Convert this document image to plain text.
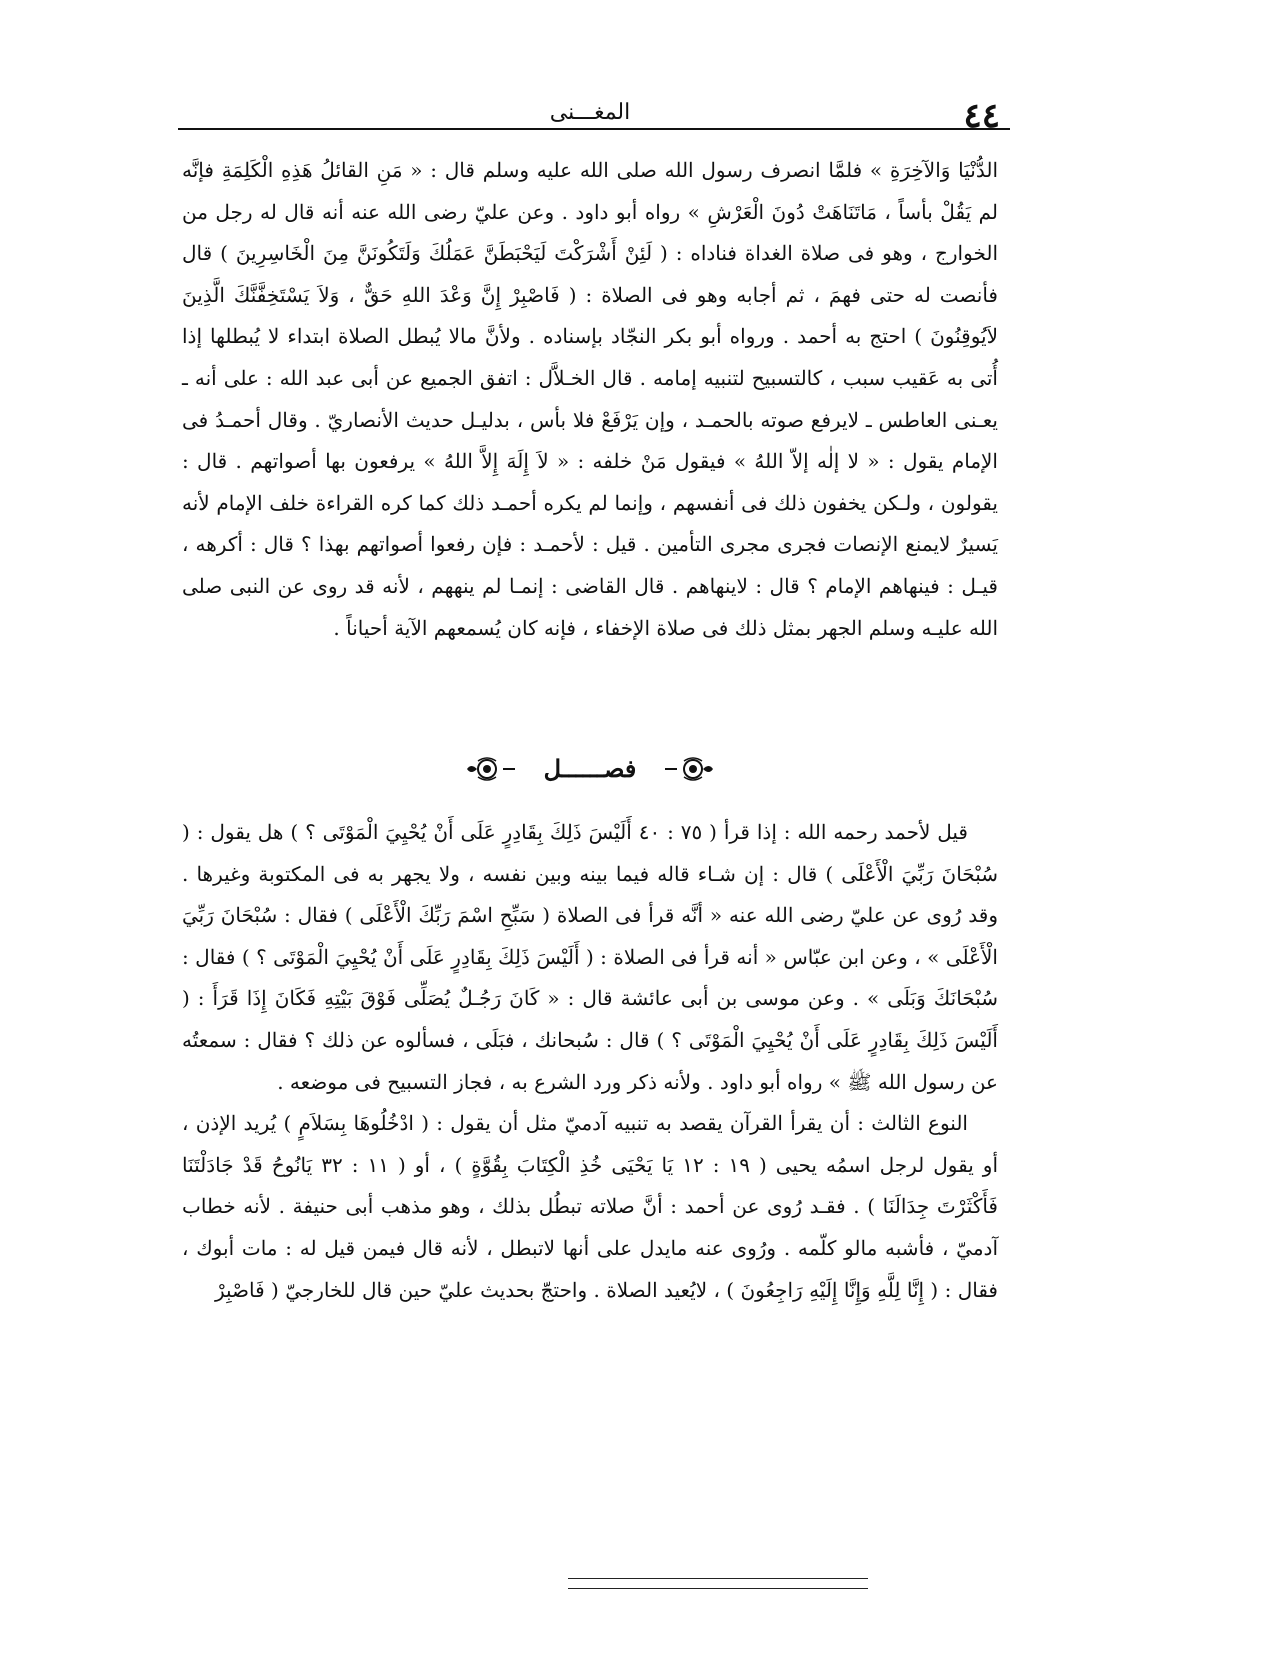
٤٤
المغـــنى

الدُّنْيَا وَالآخِرَةِ » فلمَّا انصرف رسول الله صلى الله عليه وسلم قال : « مَنِ القائلُ هَذِهِ الْكَلِمَةِ فإنَّه لم يَقُلْ بأساً ، مَاتَنَاهَتْ دُونَ الْعَرْشِ » رواه أبو داود . وعن عليّ رضى الله عنه أنه قال له رجل من الخوارج ، وهو فى صلاة الغداة فناداه : ( لَئِنْ أَشْرَكْتَ لَيَحْبَطَنَّ عَمَلُكَ وَلَتَكُونَنَّ مِنَ الْخَاسِرِينَ ) قال فأنصت له حتى فهمَ ، ثم أجابه وهو فى الصلاة : ( فَاصْبِرْ إِنَّ وَعْدَ اللهِ حَقٌّ ، وَلاَ يَسْتَخِفَّنَّكَ الَّذِينَ لاَيُوقِنُونَ ) احتج به أحمد . ورواه أبو بكر النجّاد بإسناده . ولأنَّ مالا يُبطل الصلاة ابتداء لا يُبطلها إذا أُتى به عَقيب سبب ، كالتسبيح لتنبيه إمامه . قال الخـلاَّل : اتفق الجميع عن أبى عبد الله : على أنه ـ يعـنى العاطس ـ لايرفع صوته بالحمـد ، وإن يَرْفَعْ فلا بأس ، بدليـل حديث الأنصاريّ . وقال أحمـدُ فى الإمام يقول : « لا إلٰه إلاّ اللهُ » فيقول مَنْ خلفه : « لاَ إِلَهَ إِلاَّ اللهُ » يرفعون بها أصواتهم . قال : يقولون ، ولـكن يخفون ذلك فى أنفسهم ، وإنما لم يكره أحمـد ذلك كما كره القراءة خلف الإمام لأنه يَسيرٌ لايمنع الإنصات فجرى مجرى التأمين . قيل : لأحمـد : فإن رفعوا أصواتهم بهذا ؟ قال : أكرهه ، قيـل : فينهاهم الإمام ؟ قال : لاينهاهم . قال القاضى : إنمـا لم ينههم ، لأنه قد روى عن النبى صلى الله عليـه وسلم الجهر بمثل ذلك فى صلاة الإخفاء ، فإنه كان يُسمعهم الآية أحياناً .

فصــــــل

قيل لأحمد رحمه الله : إذا قرأ ( ٧٥ : ٤٠ أَلَيْسَ ذَلِكَ بِقَادِرٍ عَلَى أَنْ يُحْيِيَ الْمَوْتَى ؟ ) هل يقول : ( سُبْحَانَ رَبِّيَ الْأَعْلَى ) قال : إن شـاء قاله فيما بينه وبين نفسه ، ولا يجهر به فى المكتوبة وغيرها . وقد رُوى عن عليّ رضى الله عنه « أنَّه قرأ فى الصلاة ( سَبِّحِ اسْمَ رَبِّكَ الْأَعْلَى ) فقال : سُبْحَانَ رَبِّيَ الْأَعْلَى » ، وعن ابن عبّاس « أنه قرأ فى الصلاة : ( أَلَيْسَ ذَلِكَ بِقَادِرٍ عَلَى أَنْ يُحْيِيَ الْمَوْتَى ؟ ) فقال : سُبْحَانَكَ وَبَلَى » . وعن موسى بن أبى عائشة قال : « كَانَ رَجُـلٌ يُصَلِّى فَوْقَ بَيْتِهِ فَكَانَ إِذَا قَرَأَ : ( أَلَيْسَ ذَلِكَ بِقَادِرٍ عَلَى أَنْ يُحْيِيَ الْمَوْتَى ؟ ) قال : سُبحانك ، فبَلَى ، فسألوه عن ذلك ؟ فقال : سمعتُه عن رسول الله ﷺ » رواه أبو داود . ولأنه ذكر ورد الشرع به ، فجاز التسبيح فى موضعه .

النوع الثالث : أن يقرأ القرآن يقصد به تنبيه آدميّ مثل أن يقول : ( ادْخُلُوهَا بِسَلاَمٍ ) يُريد الإذن ، أو يقول لرجل اسمُه يحيى ( ١٩ : ١٢ يَا يَحْيَى خُذِ الْكِتَابَ بِقُوَّةٍ ) ، أو ( ١١ : ٣٢ يَانُوحُ قَدْ جَادَلْتَنَا فَأَكْثَرْتَ جِدَالَنَا ) . فقـد رُوى عن أحمد : أنَّ صلاته تبطُل بذلك ، وهو مذهب أبى حنيفة . لأنه خطاب آدميّ ، فأشبه مالو كلّمه . ورُوى عنه مايدل على أنها لاتبطل ، لأنه قال فيمن قيل له : مات أبوك ، فقال : ( إِنَّا لِلَّهِ وَإِنَّا إِلَيْهِ رَاجِعُونَ ) ، لايُعيد الصلاة . واحتجّ بحديث عليّ حين قال للخارجيّ ( فَاصْبِرْ
